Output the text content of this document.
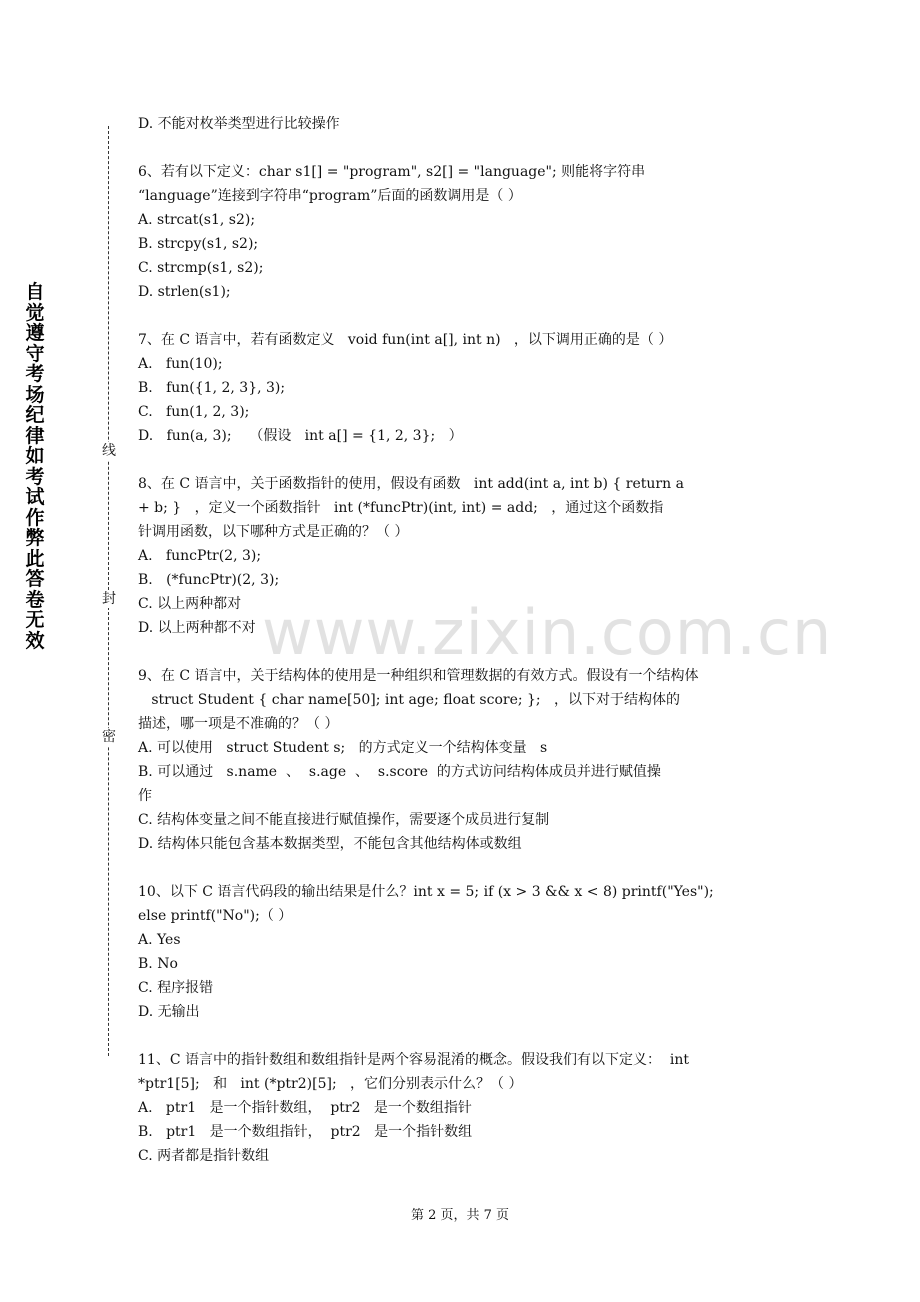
自觉遵守考场纪律如考试作弊此答卷无效
线
封
密
www.zixin.com.cn
D. 不能对枚举类型进行比较操作
6、若有以下定义：char s1[] = "program", s2[] = "language"; 则能将字符串
“language”连接到字符串“program”后面的函数调用是（ ）
A. strcat(s1, s2);
B. strcpy(s1, s2);
C. strcmp(s1, s2);
D. strlen(s1);
7、在 C 语言中，若有函数定义   void fun(int a[], int n)   ，以下调用正确的是（ ）
A.   fun(10);
B.   fun({1, 2, 3}, 3);
C.   fun(1, 2, 3);
D.   fun(a, 3);    （假设   int a[] = {1, 2, 3};   ）
8、在 C 语言中，关于函数指针的使用，假设有函数   int add(int a, int b) { return a
+ b; }   ，定义一个函数指针   int (*funcPtr)(int, int) = add;   ，通过这个函数指
针调用函数，以下哪种方式是正确的？（ ）
A.   funcPtr(2, 3);
B.   (*funcPtr)(2, 3);
C. 以上两种都对
D. 以上两种都不对
9、在 C 语言中，关于结构体的使用是一种组织和管理数据的有效方式。假设有一个结构体
struct Student { char name[50]; int age; float score; };   ，以下对于结构体的
描述，哪一项是不准确的？（ ）
A. 可以使用   struct Student s;   的方式定义一个结构体变量   s
B. 可以通过   s.name  、  s.age  、  s.score  的方式访问结构体成员并进行赋值操
作
C. 结构体变量之间不能直接进行赋值操作，需要逐个成员进行复制
D. 结构体只能包含基本数据类型，不能包含其他结构体或数组
10、以下 C 语言代码段的输出结果是什么？int x = 5; if (x > 3 && x < 8) printf("Yes");
else printf("No");（ ）
A. Yes
B. No
C. 程序报错
D. 无输出
11、C 语言中的指针数组和数组指针是两个容易混淆的概念。假设我们有以下定义：  int
*ptr1[5];   和   int (*ptr2)[5];   ，它们分别表示什么？（ ）
A.   ptr1   是一个指针数组，  ptr2   是一个数组指针
B.   ptr1   是一个数组指针，  ptr2   是一个指针数组
C. 两者都是指针数组
第 2 页，共 7 页
